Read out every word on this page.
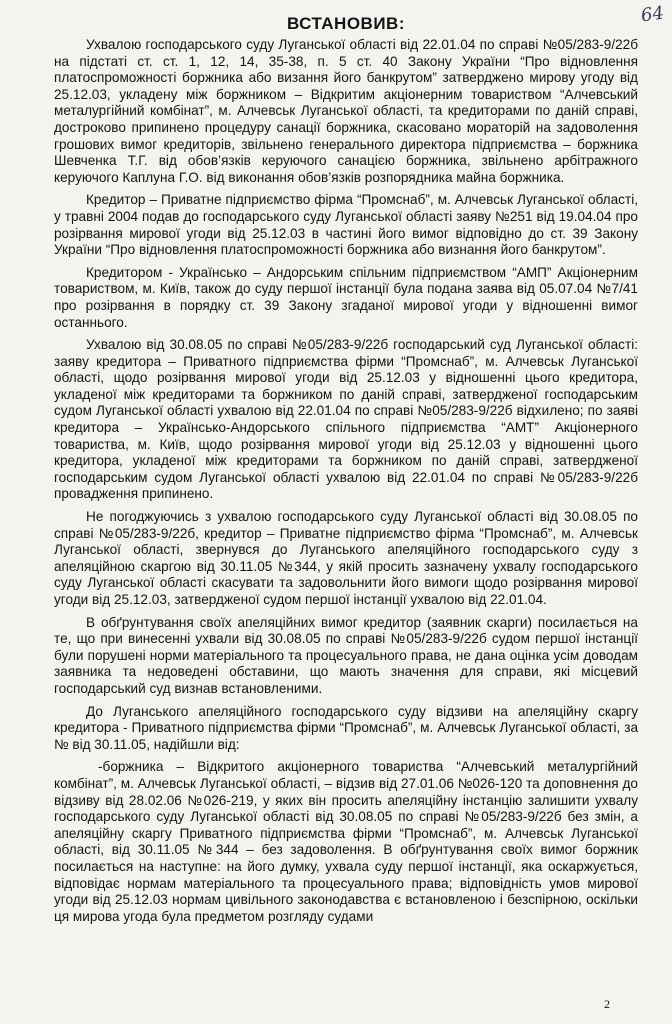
64
ВСТАНОВИВ:

Ухвалою господарського суду Луганської області від 22.01.04 по справі №05/283-9/22б на підстаті ст. ст. 1, 12, 14, 35-38, п. 5 ст. 40 Закону України “Про відновлення платоспроможності боржника або визання його банкрутом” затверджено мирову угоду від 25.12.03, укладену між боржником – Відкритим акціонерним товариством “Алчевський металургійний комбінат”, м. Алчевськ Луганської області, та кредиторами по даній справі, достроково припинено процедуру санації боржника, скасовано мораторій на задоволення грошових вимог кредиторів, звільнено генерального директора підприємства – боржника Шевченка Т.Г. від обов’язків керуючого санацією боржника, звільнено арбітражного керуючого Каплуна Г.О. від виконання обов’язків розпорядника майна боржника.

Кредитор – Приватне підприємство фірма “Промснаб”, м. Алчевськ Луганської області, у травні 2004 подав до господарського суду Луганської області заяву №251 від 19.04.04 про розірвання мирової угоди від 25.12.03 в частині його вимог відповідно до ст. 39 Закону України “Про відновлення платоспроможності боржника або визнання його банкрутом”.

Кредитором - Українсько – Андорським спільним підприємством “АМП” Акціонерним товариством, м. Київ, також до суду першої інстанції була подана заява від 05.07.04 №7/41 про розірвання в порядку ст. 39 Закону згаданої мирової угоди у відношенні вимог останнього.

Ухвалою від 30.08.05 по справі №05/283-9/22б господарський суд Луганської області: заяву кредитора – Приватного підприємства фірми “Промснаб”, м. Алчевськ Луганської області, щодо розірвання мирової угоди від 25.12.03 у відношенні цього кредитора, укладеної між кредиторами та боржником по даній справі, затвердженої господарським судом Луганської області ухвалою від 22.01.04 по справі №05/283-9/22б відхилено; по заяві кредитора – Українсько-Андорського спільного підприємства “АМТ” Акціонерного товариства, м. Київ, щодо розірвання мирової угоди від 25.12.03 у відношенні цього кредитора, укладеної між кредиторами та боржником по даній справі, затвердженої господарським судом Луганської області ухвалою від 22.01.04 по справі №05/283-9/22б провадження припинено.

Не погоджуючись з ухвалою господарського суду Луганської області від 30.08.05 по справі №05/283-9/22б, кредитор – Приватне підприємство фірма “Промснаб”, м. Алчевськ Луганської області, звернувся до Луганського апеляційного господарського суду з апеляційною скаргою від 30.11.05 №344, у якій просить зазначену ухвалу господарського суду Луганської області скасувати та задовольнити його вимоги щодо розірвання мирової угоди від 25.12.03, затвердженої судом першої інстанції ухвалою від 22.01.04.

В обґрунтування своїх апеляційних вимог кредитор (заявник скарги) посилається на те, що при винесенні ухвали від 30.08.05 по справі №05/283-9/22б судом першої інстанції були порушені норми матеріального та процесуального права, не дана оцінка усім доводам заявника та недоведені обставини, що мають значення для справи, які місцевий господарський суд визнав встановленими.

До Луганського апеляційного господарського суду відзиви на апеляційну скаргу кредитора - Приватного підприємства фірми “Промснаб”, м. Алчевськ Луганської області, за № від 30.11.05, надійшли від:

-боржника – Відкритого акціонерного товариства “Алчевський металургійний комбінат”, м. Алчевськ Луганської області, – відзив від 27.01.06 №026-120 та доповнення до відзиву від 28.02.06 №026-219, у яких він просить апеляційну інстанцію залишити ухвалу господарського суду Луганської області від 30.08.05 по справі №05/283-9/22б без змін, а апеляційну скаргу Приватного підприємства фірми “Промснаб”, м. Алчевськ Луганської області, від 30.11.05 №344 – без задоволення. В обґрунтування своїх вимог боржник посилається на наступне: на його думку, ухвала суду першої інстанції, яка оскаржується, відповідає нормам матеріального та процесуального права; відповідність умов мирової угоди від 25.12.03 нормам цивільного законодавства є встановленою і безспірною, оскільки ця мирова угода була предметом розгляду судами

2
